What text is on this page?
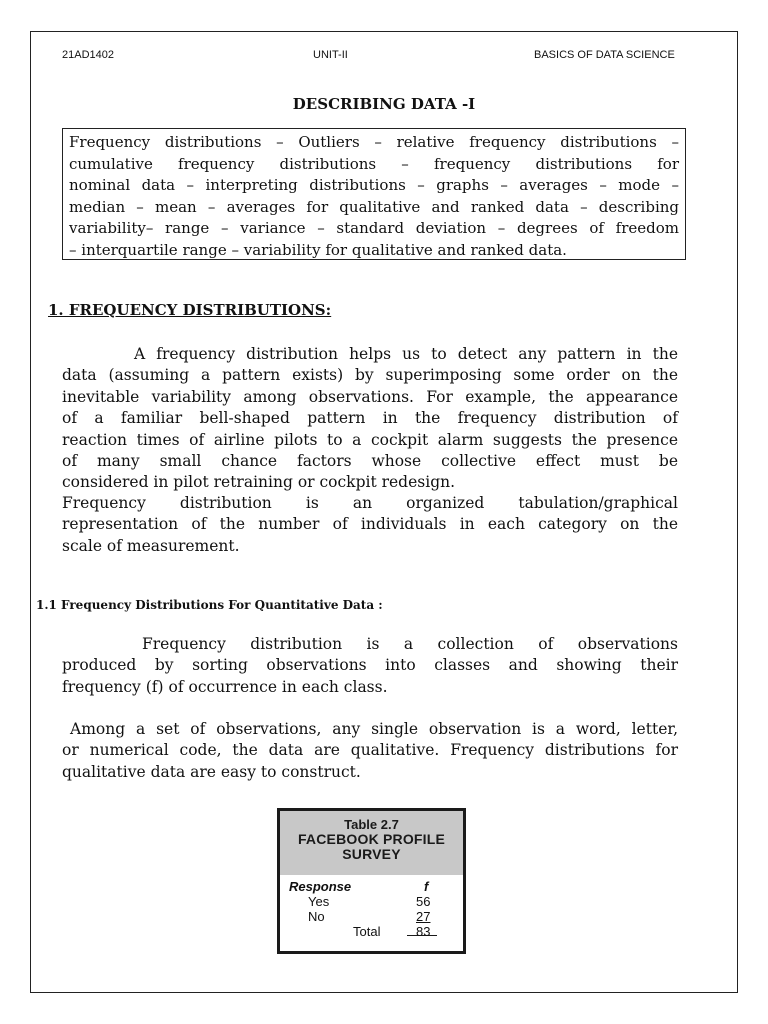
21AD1402	UNIT-II	BASICS OF DATA SCIENCE
DESCRIBING DATA -I
Frequency distributions – Outliers – relative frequency distributions –
cumulative frequency distributions – frequency distributions for
nominal data – interpreting distributions – graphs – averages – mode –
median – mean – averages for qualitative and ranked data – describing
variability– range – variance – standard deviation – degrees of freedom
– interquartile range – variability for qualitative and ranked data.
1. FREQUENCY DISTRIBUTIONS:
A frequency distribution helps us to detect any pattern in the
data (assuming a pattern exists) by superimposing some order on the
inevitable variability among observations. For example, the appearance
of a familiar bell-shaped pattern in the frequency distribution of
reaction times of airline pilots to a cockpit alarm suggests the presence
of many small chance factors whose collective effect must be
considered in pilot retraining or cockpit redesign.
Frequency distribution is an organized tabulation/graphical
representation of the number of individuals in each category on the
scale of measurement.
1.1 Frequency Distributions For Quantitative Data :
Frequency distribution is a collection of observations
produced by sorting observations into classes and showing their
frequency (f) of occurrence in each class.
Among a set of observations, any single observation is a word, letter,
or numerical code, the data are qualitative. Frequency distributions for
qualitative data are easy to construct.
Table 2.7
FACEBOOK PROFILE
SURVEY
Response	f
Yes	56
No	27
Total	83
